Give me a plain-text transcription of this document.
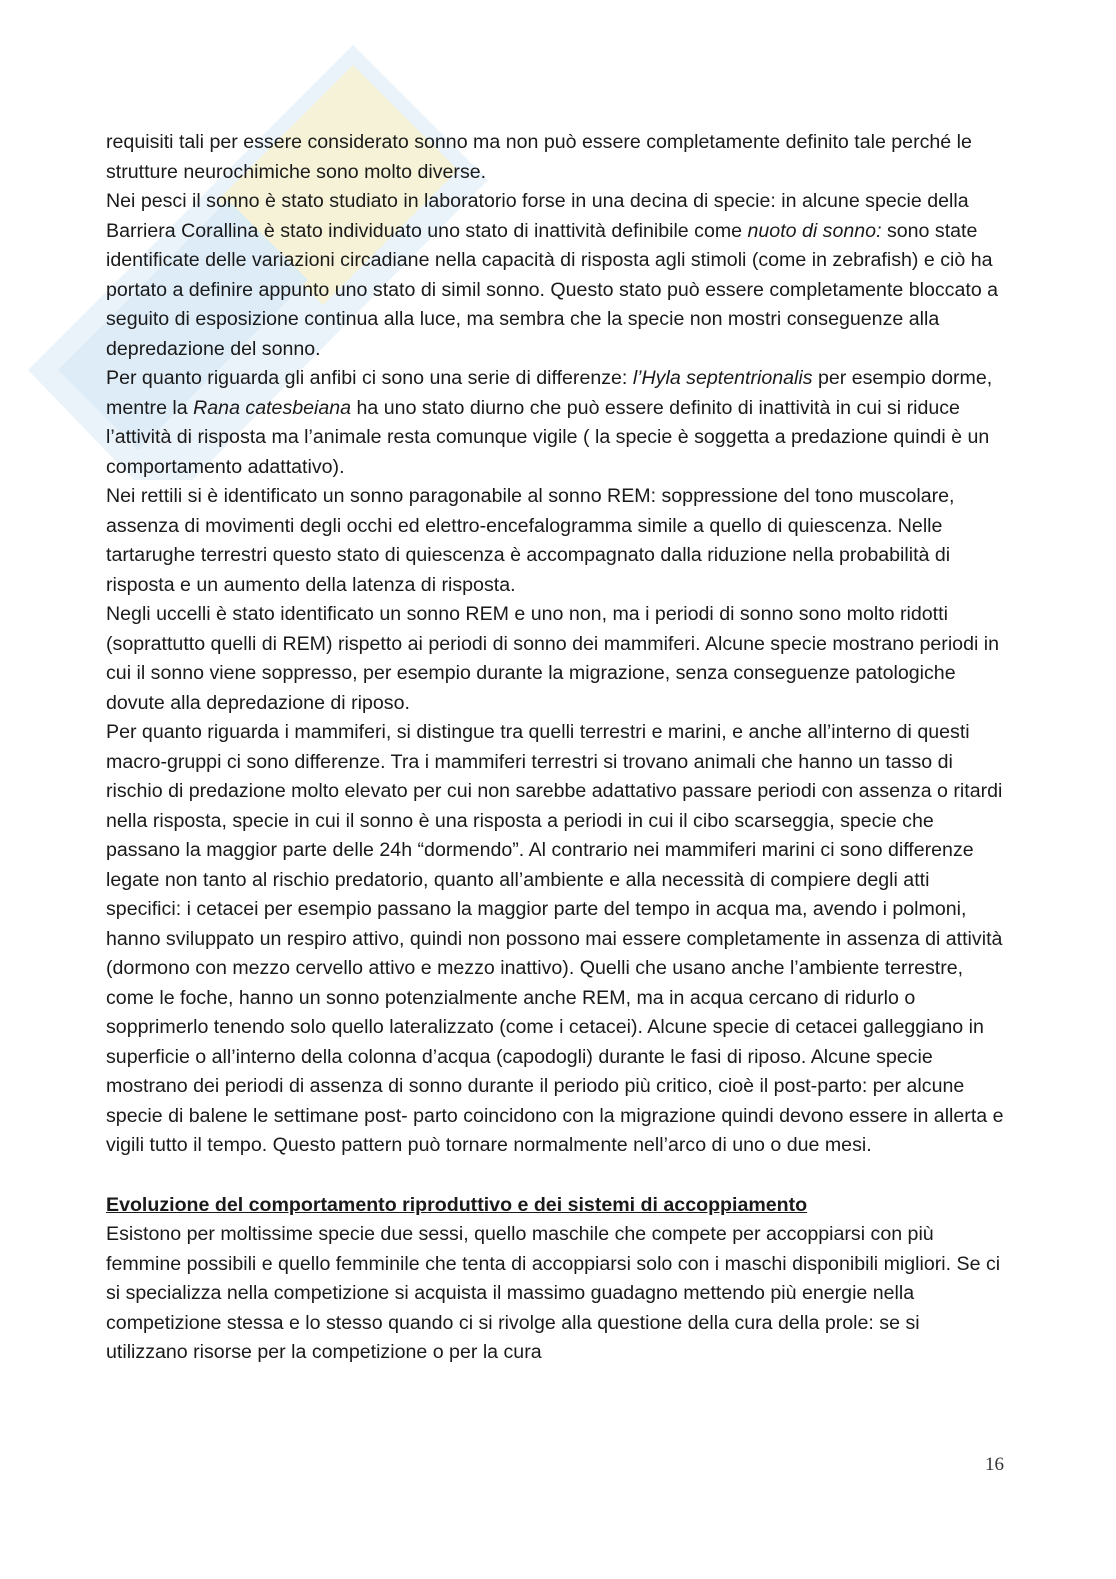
requisiti tali per essere considerato sonno ma non può essere completamente definito tale perché le strutture neurochimiche sono molto diverse.

Nei pesci il sonno è stato studiato in laboratorio forse in una decina di specie: in alcune specie della Barriera Corallina è stato individuato uno stato di inattività definibile come nuoto di sonno: sono state identificate delle variazioni circadiane nella capacità di risposta agli stimoli (come in zebrafish) e ciò ha portato a definire appunto uno stato di simil sonno. Questo stato può essere completamente bloccato a seguito di esposizione continua alla luce, ma sembra che la specie non mostri conseguenze alla depredazione del sonno.

Per quanto riguarda gli anfibi ci sono una serie di differenze: l’Hyla septentrionalis per esempio dorme, mentre la Rana catesbeiana ha uno stato diurno che può essere definito di inattività in cui si riduce l’attività di risposta ma l’animale resta comunque vigile ( la specie è soggetta a predazione quindi è un comportamento adattativo).

Nei rettili si è identificato un sonno paragonabile al sonno REM: soppressione del tono muscolare, assenza di movimenti degli occhi ed elettro-encefalogramma simile a quello di quiescenza. Nelle tartarughe terrestri questo stato di quiescenza è accompagnato dalla riduzione nella probabilità di risposta e un aumento della latenza di risposta.

Negli uccelli è stato identificato un sonno REM e uno non, ma i periodi di sonno sono molto ridotti (soprattutto quelli di REM) rispetto ai periodi di sonno dei mammiferi. Alcune specie mostrano periodi in cui il sonno viene soppresso, per esempio durante la migrazione, senza conseguenze patologiche dovute alla depredazione di riposo.

Per quanto riguarda i mammiferi, si distingue tra quelli terrestri e marini, e anche all’interno di questi macro-gruppi ci sono differenze. Tra i mammiferi terrestri si trovano animali che hanno un tasso di rischio di predazione molto elevato per cui non sarebbe adattativo passare periodi con assenza o ritardi nella risposta, specie in cui il sonno è una risposta a periodi in cui il cibo scarseggia, specie che passano la maggior parte delle 24h “dormendo”. Al contrario nei mammiferi marini ci sono differenze legate non tanto al rischio predatorio, quanto all’ambiente e alla necessità di compiere degli atti specifici: i cetacei per esempio passano la maggior parte del tempo in acqua ma, avendo i polmoni, hanno sviluppato un respiro attivo, quindi non possono mai essere completamente in assenza di attività (dormono con mezzo cervello attivo e mezzo inattivo). Quelli che usano anche l’ambiente terrestre, come le foche, hanno un sonno potenzialmente anche REM, ma in acqua cercano di ridurlo o sopprimerlo tenendo solo quello lateralizzato (come i cetacei). Alcune specie di cetacei galleggiano in superficie o all’interno della colonna d’acqua (capodogli) durante le fasi di riposo. Alcune specie mostrano dei periodi di assenza di sonno durante il periodo più critico, cioè il post-parto: per alcune specie di balene le settimane post- parto coincidono con la migrazione quindi devono essere in allerta e vigili tutto il tempo. Questo pattern può tornare normalmente nell’arco di uno o due mesi.

Evoluzione del comportamento riproduttivo e dei sistemi di accoppiamento

Esistono per moltissime specie due sessi, quello maschile che compete per accoppiarsi con più femmine possibili e quello femminile che tenta di accoppiarsi solo con i maschi disponibili migliori. Se ci si specializza nella competizione si acquista il massimo guadagno mettendo più energie nella competizione stessa e lo stesso quando ci si rivolge alla questione della cura della prole: se si utilizzano risorse per la competizione o per la cura

16
